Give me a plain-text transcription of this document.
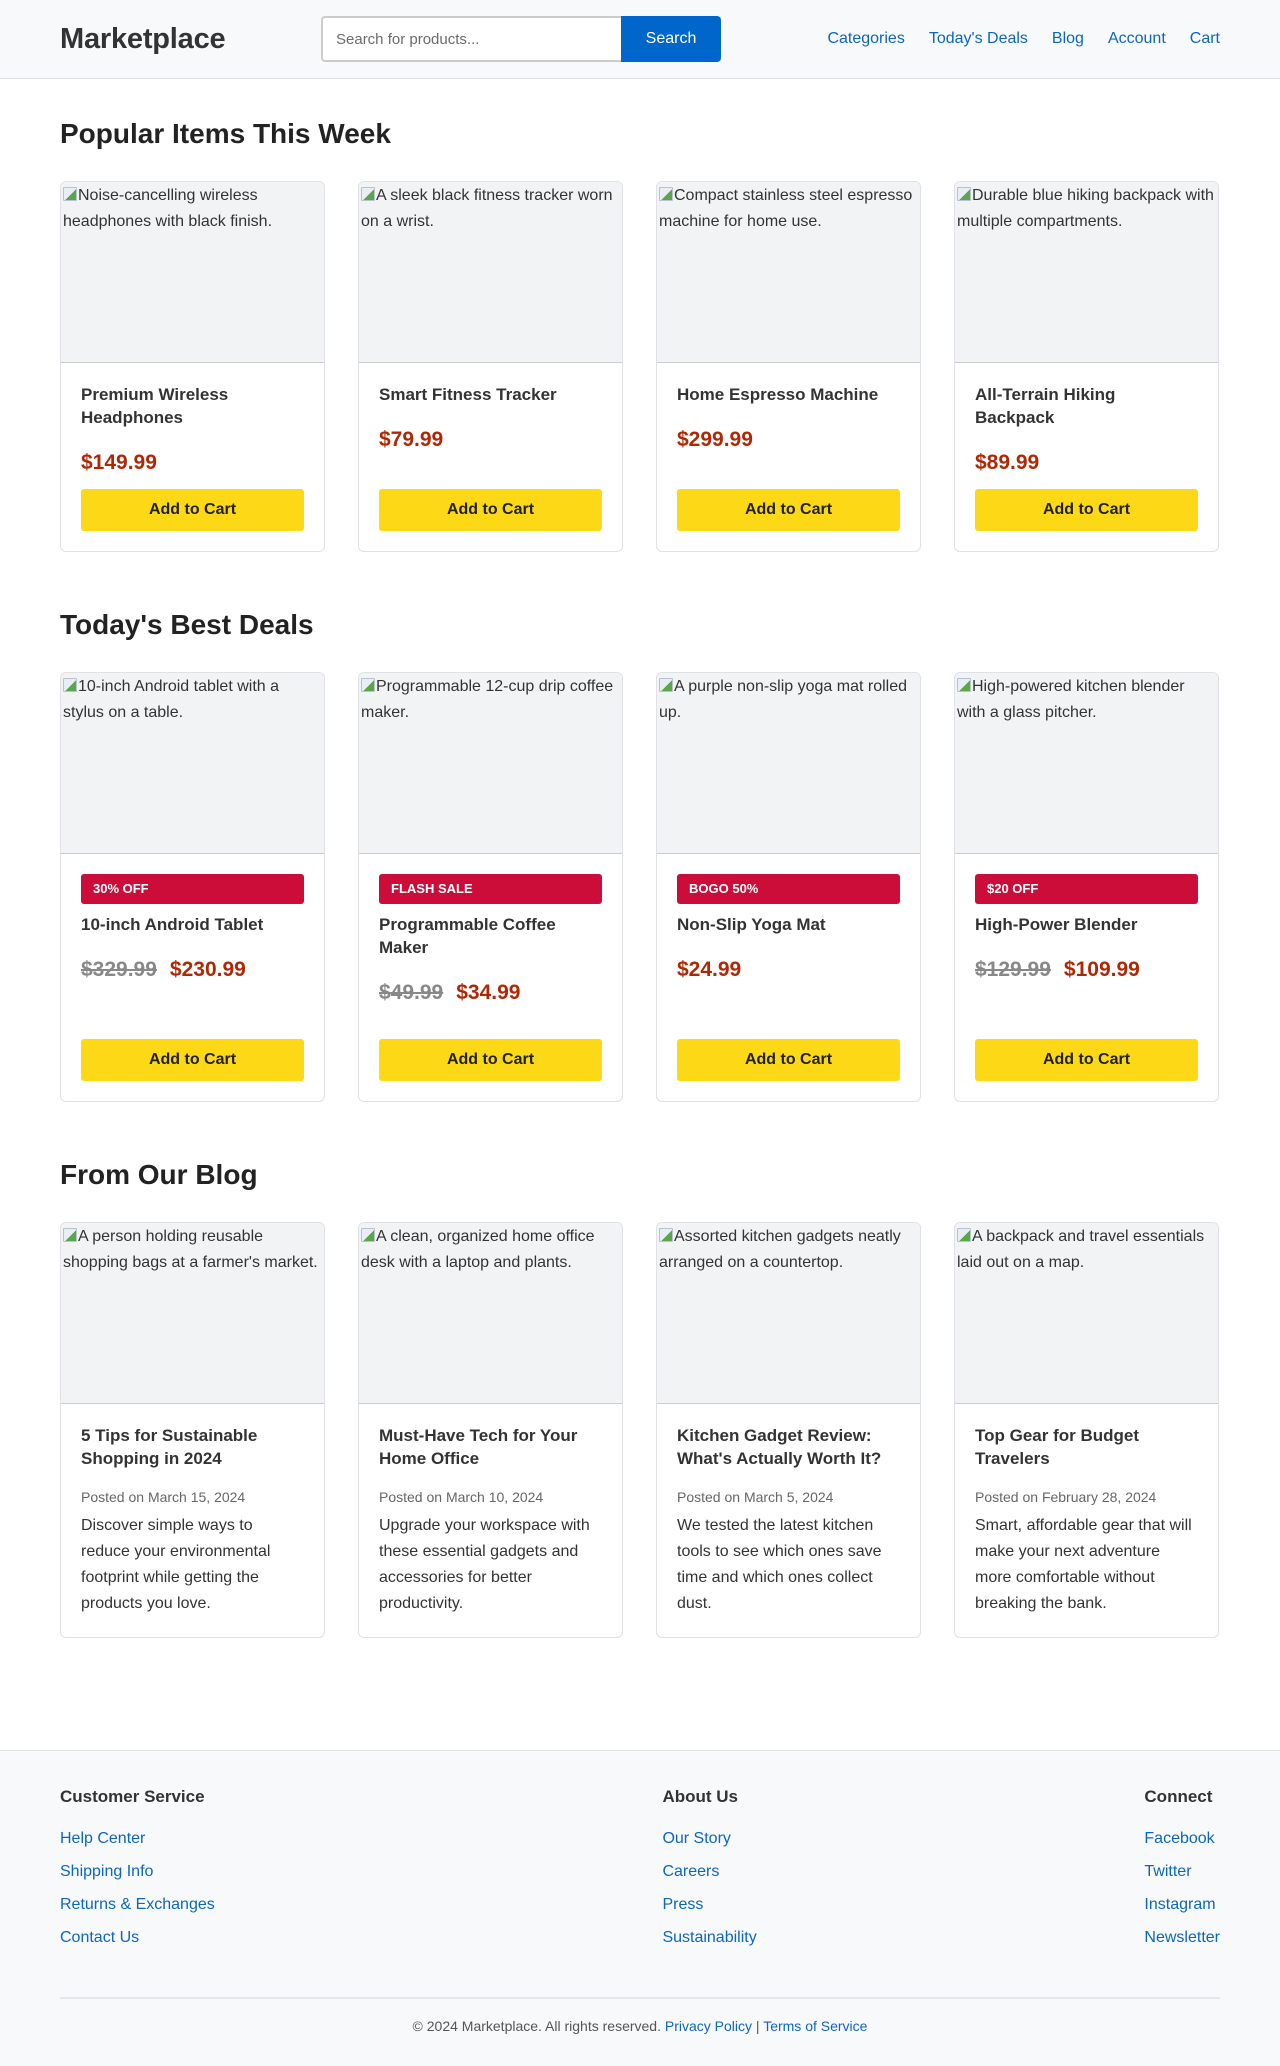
Marketplace
Search for products...	Search	Categories Today's Deals Blog Account Cart
Popular Items This Week
Noise-cancelling wireless headphones with black finish.
Premium Wireless Headphones
$149.99
Add to Cart
A sleek black fitness tracker worn on a wrist.
Smart Fitness Tracker
$79.99
Add to Cart
Compact stainless steel espresso machine for home use.
Home Espresso Machine
$299.99
Add to Cart
Durable blue hiking backpack with multiple compartments.
All-Terrain Hiking Backpack
$89.99
Add to Cart
Today's Best Deals
10-inch Android tablet with a stylus on a table.
30% OFF
10-inch Android Tablet
$329.99 $230.99
Add to Cart
Programmable 12-cup drip coffee maker.
FLASH SALE
Programmable Coffee Maker
$49.99 $34.99
Add to Cart
A purple non-slip yoga mat rolled up.
BOGO 50%
Non-Slip Yoga Mat
$24.99
Add to Cart
High-powered kitchen blender with a glass pitcher.
$20 OFF
High-Power Blender
$129.99 $109.99
Add to Cart
From Our Blog
A person holding reusable shopping bags at a farmer's market.
5 Tips for Sustainable Shopping in 2024
Posted on March 15, 2024

Discover simple ways to reduce your environmental footprint while getting the products you love.

A clean, organized home office desk with a laptop and plants.
Must-Have Tech for Your Home Office
Posted on March 10, 2024

Upgrade your workspace with these essential gadgets and accessories for better productivity.

Assorted kitchen gadgets neatly arranged on a countertop.
Kitchen Gadget Review: What's Actually Worth It?
Posted on March 5, 2024

We tested the latest kitchen tools to see which ones save time and which ones collect dust.

A backpack and travel essentials laid out on a map.
Top Gear for Budget Travelers
Posted on February 28, 2024

Smart, affordable gear that will make your next adventure more comfortable without breaking the bank.

Customer Service
Help Center
Shipping Info
Returns & Exchanges
Contact Us
About Us
Our Story
Careers
Press
Sustainability
Connect
Facebook
Twitter
Instagram
Newsletter
© 2024 Marketplace. All rights reserved. Privacy Policy | Terms of Service
